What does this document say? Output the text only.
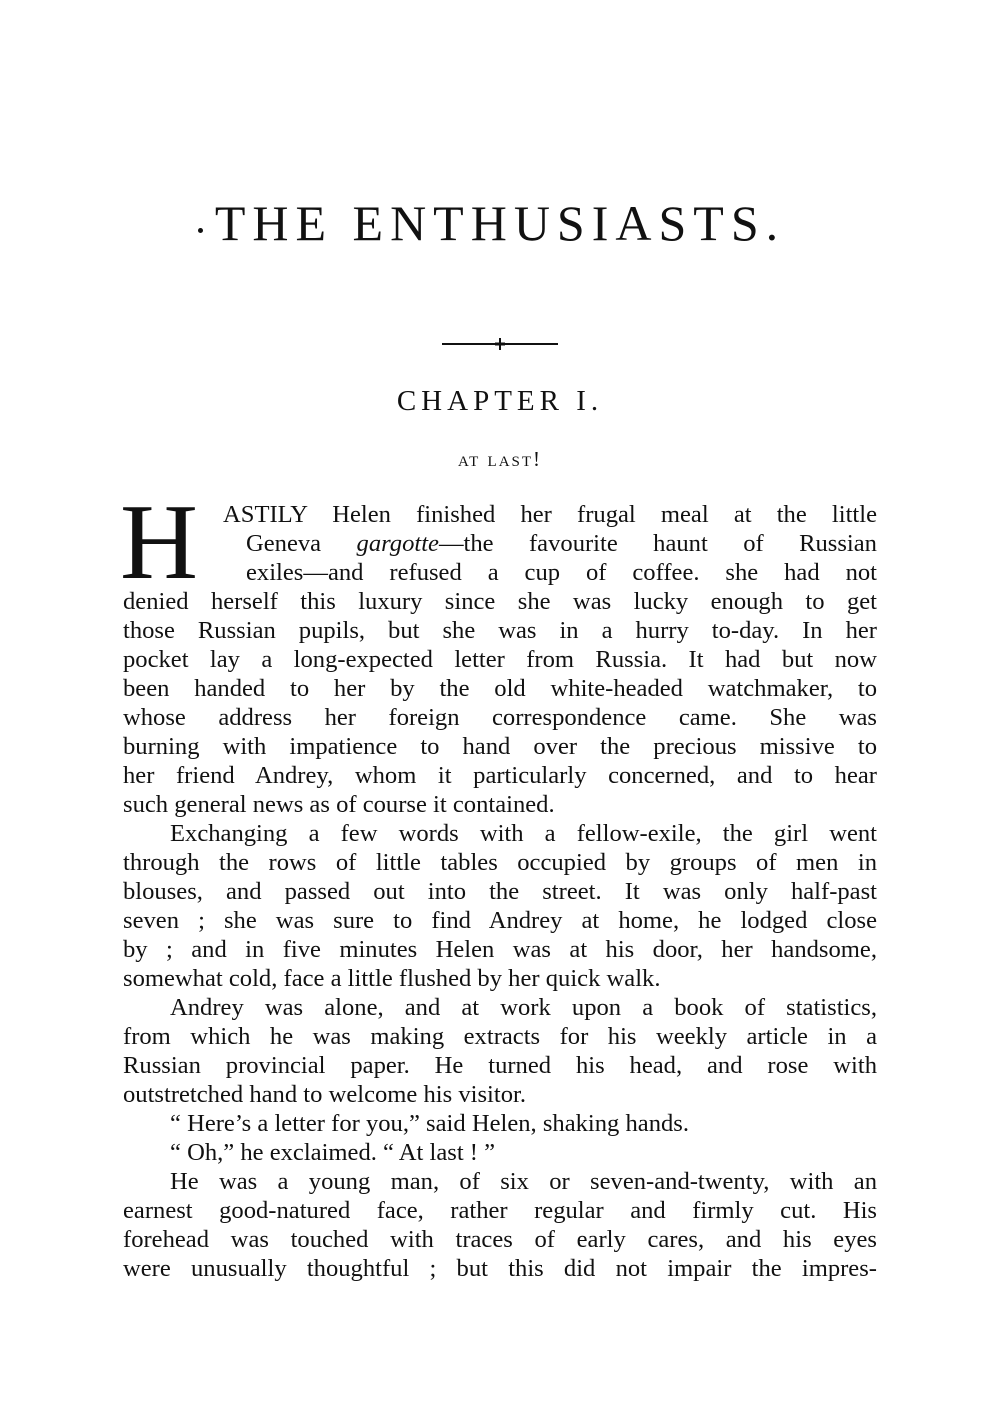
THE ENTHUSIASTS.
CHAPTER I.
at last!
H	ASTILY Helen finished her frugal meal at the little
Geneva gargotte—the favourite haunt of Russian
exiles—and refused a cup of coffee. she had not
denied herself this luxury since she was lucky enough to get
those Russian pupils, but she was in a hurry to-day. In her
pocket lay a long-expected letter from Russia. It had but now
been handed to her by the old white-headed watchmaker, to
whose address her foreign correspondence came. She was
burning with impatience to hand over the precious missive to
her friend Andrey, whom it particularly concerned, and to hear
such general news as of course it contained.
Exchanging a few words with a fellow-exile, the girl went
through the rows of little tables occupied by groups of men in
blouses, and passed out into the street. It was only half-past
seven ; she was sure to find Andrey at home, he lodged close
by ; and in five minutes Helen was at his door, her handsome,
somewhat cold, face a little flushed by her quick walk.
Andrey was alone, and at work upon a book of statistics,
from which he was making extracts for his weekly article in a
Russian provincial paper. He turned his head, and rose with
outstretched hand to welcome his visitor.
“ Here’s a letter for you,” said Helen, shaking hands.
“ Oh,” he exclaimed. “ At last ! ”
He was a young man, of six or seven-and-twenty, with an
earnest good-natured face, rather regular and firmly cut. His
forehead was touched with traces of early cares, and his eyes
were unusually thoughtful ; but this did not impair the impres-
